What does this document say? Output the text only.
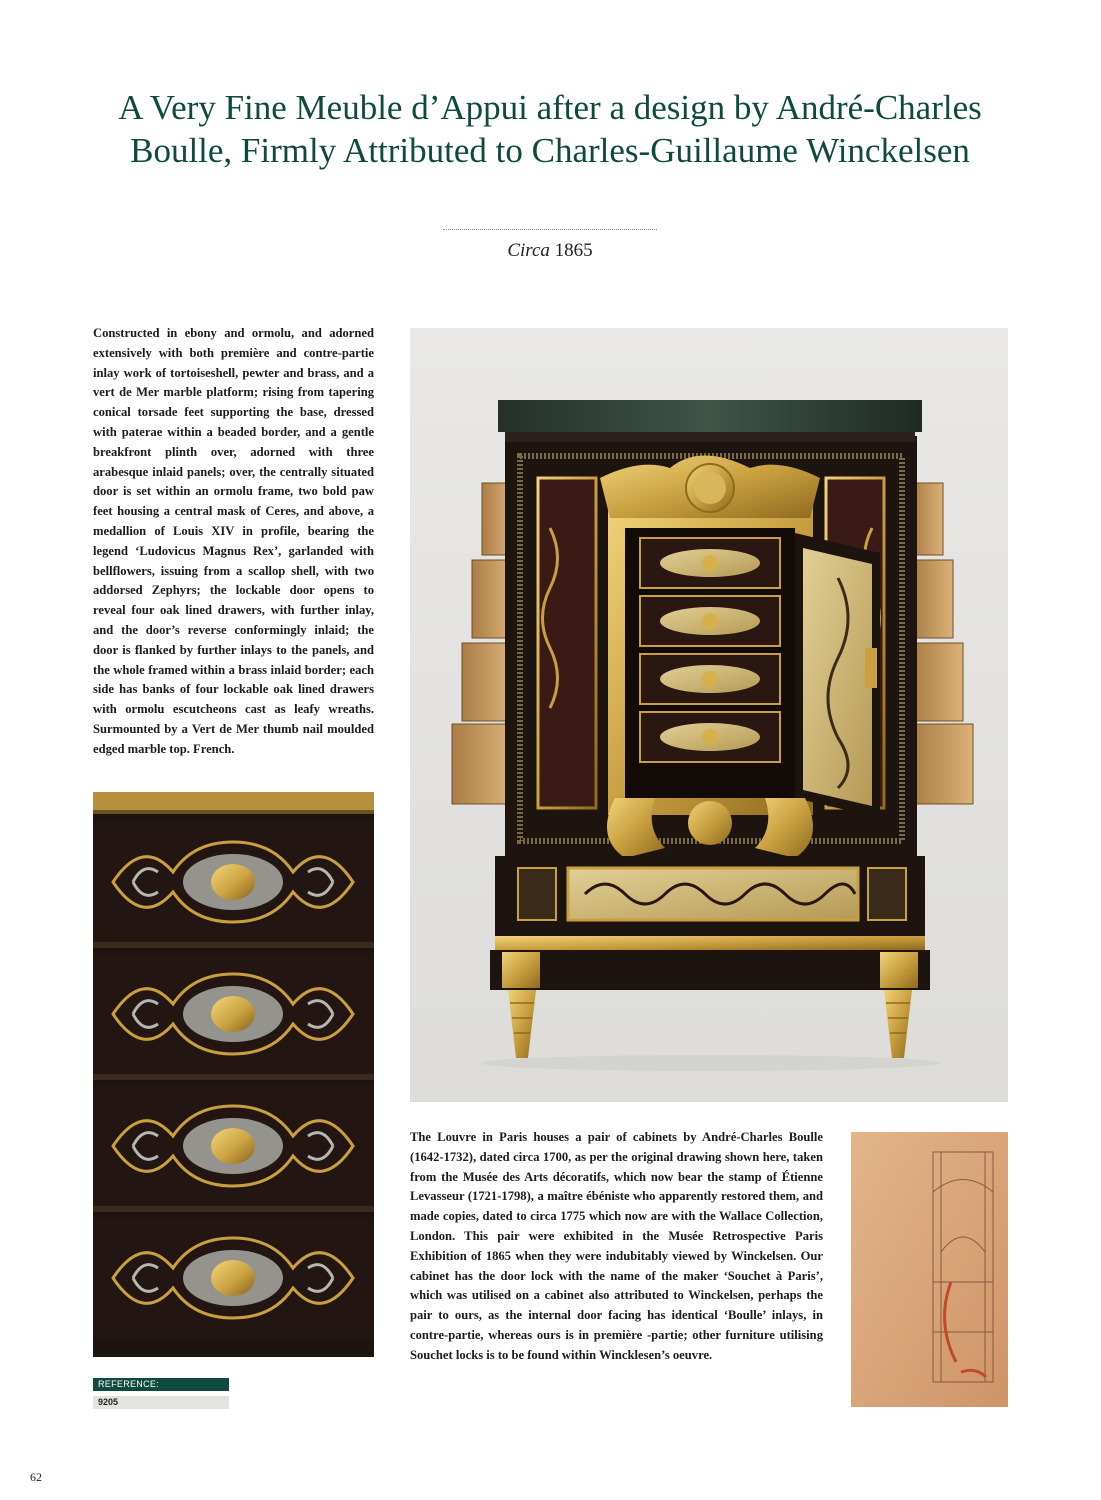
A Very Fine Meuble d’Appui after a design by André-Charles Boulle, Firmly Attributed to Charles-Guillaume Winckelsen
Circa 1865

Constructed in ebony and ormolu, and adorned extensively with both première and contre-partie inlay work of tortoiseshell, pewter and brass, and a vert de Mer marble platform; rising from tapering conical torsade feet supporting the base, dressed with paterae within a beaded border, and a gentle breakfront plinth over, adorned with three arabesque inlaid panels; over, the centrally situated door is set within an ormolu frame, two bold paw feet housing a central mask of Ceres, and above, a medallion of Louis XIV in profile, bearing the legend ‘Ludovicus Magnus Rex’, garlanded with bellflowers, issuing from a scallop shell, with two addorsed Zephyrs; the lockable door opens to reveal four oak lined drawers, with further inlay, and the door’s reverse conformingly inlaid; the door is flanked by further inlays to the panels, and the whole framed within a brass inlaid border; each side has banks of four lockable oak lined drawers with ormolu escutcheons cast as leafy wreaths. Surmounted by a Vert de Mer thumb nail moulded edged marble top. French.

The Louvre in Paris houses a pair of cabinets by André-Charles Boulle (1642-1732), dated circa 1700, as per the original drawing shown here, taken from the Musée des Arts décoratifs, which now bear the stamp of Étienne Levasseur (1721-1798), a maître ébéniste who apparently restored them, and made copies, dated to circa 1775 which now are with the Wallace Collection, London. This pair were exhibited in the Musée Retrospective Paris Exhibition of 1865 when they were indubitably viewed by Winckelsen. Our cabinet has the door lock with the name of the maker ‘Souchet à Paris’, which was utilised on a cabinet also attributed to Winckelsen, perhaps the pair to ours, as the internal door facing has identical ‘Boulle’ inlays, in contre-partie, whereas ours is in première -partie; other furniture utilising Souchet locks is to be found within Wincklesen’s oeuvre.

REFERENCE:
9205
62
